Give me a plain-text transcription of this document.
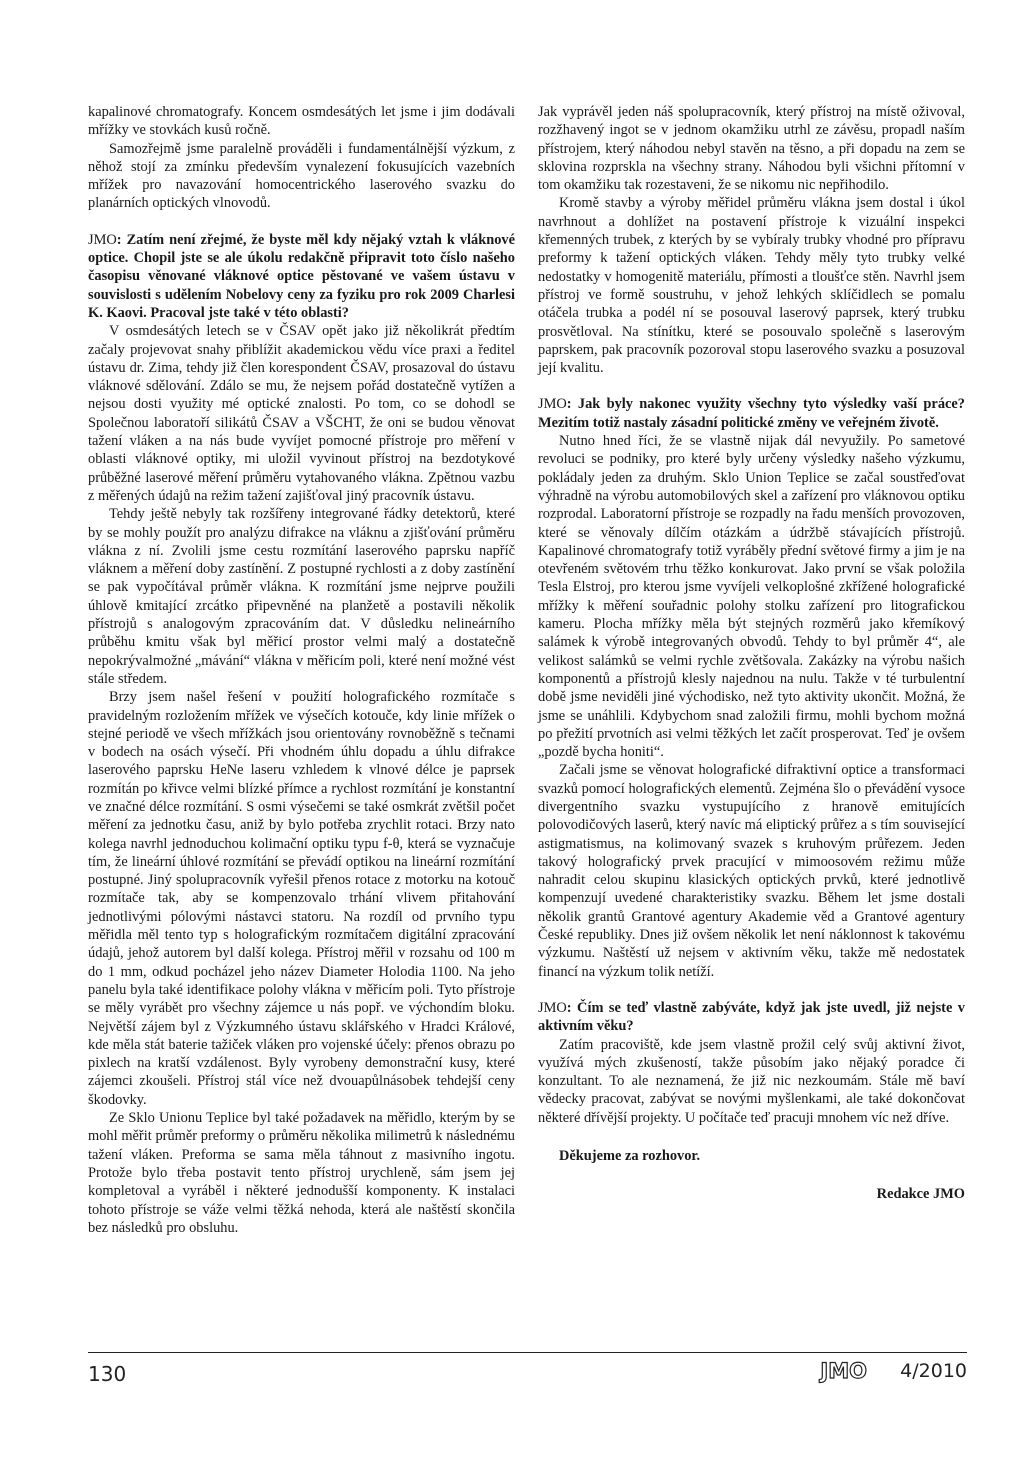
kapalinové chromatografy. Koncem osmdesátých let jsme i jim dodávali mřížky ve stovkách kusů ročně.

Samozřejmě jsme paralelně prováděli i fundamentálnější výzkum, z něhož stojí za zmínku především vynalezení fokusujících vazebních mřížek pro navazování homocentrického laserového svazku do planárních optických vlnovodů.

JMO: Zatím není zřejmé, že byste měl kdy nějaký vztah k vláknové optice. Chopil jste se ale úkolu redakčně připravit toto číslo našeho časopisu věnované vláknové optice pěstované ve vašem ústavu v souvislosti s udělením Nobelovy ceny za fyziku pro rok 2009 Charlesi K. Kaovi. Pracoval jste také v této oblasti?

V osmdesátých letech se v ČSAV opět jako již několikrát předtím začaly projevovat snahy přiblížit akademickou vědu více praxi a ředitel ústavu dr. Zima, tehdy již člen korespondent ČSAV, prosazoval do ústavu vláknové sdělování. Zdálo se mu, že nejsem pořád dostatečně vytížen a nejsou dosti využity mé optické znalosti. Po tom, co se dohodl se Společnou laboratoří silikátů ČSAV a VŠCHT, že oni se budou věnovat tažení vláken a na nás bude vyvíjet pomocné přístroje pro měření v oblasti vláknové optiky, mi uložil vyvinout přístroj na bezdotykové průběžné laserové měření průměru vytahovaného vlákna. Zpětnou vazbu z měřených údajů na režim tažení zajišťoval jiný pracovník ústavu.

Tehdy ještě nebyly tak rozšířeny integrované řádky detektorů, které by se mohly použít pro analýzu difrakce na vláknu a zjišťování průměru vlákna z ní. Zvolili jsme cestu rozmítání laserového paprsku napříč vláknem a měření doby zastínění. Z postupné rychlosti a z doby zastínění se pak vypočítával průměr vlákna. K rozmítání jsme nejprve použili úhlově kmitající zrcátko připevněné na planžetě a postavili několik přístrojů s analogovým zpracováním dat. V důsledku nelineárního průběhu kmitu však byl měřicí prostor velmi malý a dostatečně nepokrývalmožné „mávání“ vlákna v měřicím poli, které není možné vést stále středem.

Brzy jsem našel řešení v použití holografického rozmítače s pravidelným rozložením mřížek ve výsečích kotouče, kdy linie mřížek o stejné periodě ve všech mřížkách jsou orientovány rovnoběžně s tečnami v bodech na osách výsečí. Při vhodném úhlu dopadu a úhlu difrakce laserového paprsku HeNe laseru vzhledem k vlnové délce je paprsek rozmítán po křivce velmi blízké přímce a rychlost rozmítání je konstantní ve značné délce rozmítání. S osmi výsečemi se také osmkrát zvětšil počet měření za jednotku času, aniž by bylo potřeba zrychlit rotaci. Brzy nato kolega navrhl jednoduchou kolimační optiku typu f-θ, která se vyznačuje tím, že lineární úhlové rozmítání se převádí optikou na lineární rozmítání postupné. Jiný spolupracovník vyřešil přenos rotace z motorku na kotouč rozmítače tak, aby se kompenzovalo trhání vlivem přitahování jednotlivými pólovými nástavci statoru. Na rozdíl od prvního typu měřidla měl tento typ s holografickým rozmítačem digitální zpracování údajů, jehož autorem byl další kolega. Přístroj měřil v rozsahu od 100 m do 1 mm, odkud pocházel jeho název Diameter Holodia 1100. Na jeho panelu byla také identifikace polohy vlákna v měřicím poli. Tyto přístroje se měly vyrábět pro všechny zájemce u nás popř. ve výchondím bloku. Největší zájem byl z Výzkumného ústavu sklářského v Hradci Králové, kde měla stát baterie tažiček vláken pro vojenské účely: přenos obrazu po pixlech na kratší vzdálenost. Byly vyrobeny demonstrační kusy, které zájemci zkoušeli. Přístroj stál více než dvouapůlnásobek tehdejší ceny škodovky.

Ze Sklo Unionu Teplice byl také požadavek na měřidlo, kterým by se mohl měřit průměr preformy o průměru několika milimetrů k následnému tažení vláken. Preforma se sama měla táhnout z masivního ingotu. Protože bylo třeba postavit tento přístroj urychleně, sám jsem jej kompletoval a vyráběl i některé jednodušší komponenty. K instalaci tohoto přístroje se váže velmi těžká nehoda, která ale naštěstí skončila bez následků pro obsluhu.

Jak vyprávěl jeden náš spolupracovník, který přístroj na místě oživoval, rozžhavený ingot se v jednom okamžiku utrhl ze závěsu, propadl naším přístrojem, který náhodou nebyl stavěn na těsno, a při dopadu na zem se sklovina rozprskla na všechny strany. Náhodou byli všichni přítomní v tom okamžiku tak rozestaveni, že se nikomu nic nepřihodilo.

Kromě stavby a výroby měřidel průměru vlákna jsem dostal i úkol navrhnout a dohlížet na postavení přístroje k vizuální inspekci křemenných trubek, z kterých by se vybíraly trubky vhodné pro přípravu preformy k tažení optických vláken. Tehdy měly tyto trubky velké nedostatky v homogenitě materiálu, přímosti a tloušťce stěn. Navrhl jsem přístroj ve formě soustruhu, v jehož lehkých sklíčidlech se pomalu otáčela trubka a podél ní se posouval laserový paprsek, který trubku prosvětloval. Na stínítku, které se posouvalo společně s laserovým paprskem, pak pracovník pozoroval stopu laserového svazku a posuzoval její kvalitu.

JMO: Jak byly nakonec využity všechny tyto výsledky vaší práce? Mezitím totiž nastaly zásadní politické změny ve veřejném životě.

Nutno hned říci, že se vlastně nijak dál nevyužily. Po sametové revoluci se podniky, pro které byly určeny výsledky našeho výzkumu, pokládaly jeden za druhým. Sklo Union Teplice se začal soustřeďovat výhradně na výrobu automobilových skel a zařízení pro vláknovou optiku rozprodal. Laboratorní přístroje se rozpadly na řadu menších provozoven, které se věnovaly dílčím otázkám a údržbě stávajících přístrojů. Kapalinové chromatografy totiž vyráběly přední světové firmy a jim je na otevřeném světovém trhu těžko konkurovat. Jako první se však položila Tesla Elstroj, pro kterou jsme vyvíjeli velkoplošné zkřížené holografické mřížky k měření souřadnic polohy stolku zařízení pro litografickou kameru. Plocha mřížky měla být stejných rozměrů jako křemíkový salámek k výrobě integrovaných obvodů. Tehdy to byl průměr 4“, ale velikost salámků se velmi rychle zvětšovala. Zakázky na výrobu našich komponentů a přístrojů klesly najednou na nulu. Takže v té turbulentní době jsme neviděli jiné východisko, než tyto aktivity ukončit. Možná, že jsme se unáhlili. Kdybychom snad založili firmu, mohli bychom možná po přežití prvotních asi velmi těžkých let začít prosperovat. Teď je ovšem „pozdě bycha honiti“.

Začali jsme se věnovat holografické difraktivní optice a transformaci svazků pomocí holografických elementů. Zejména šlo o převádění vysoce divergentního svazku vystupujícího z hranově emitujících polovodičových laserů, který navíc má eliptický průřez a s tím související astigmatismus, na kolimovaný svazek s kruhovým průřezem. Jeden takový holografický prvek pracující v mimoosovém režimu může nahradit celou skupinu klasických optických prvků, které jednotlivě kompenzují uvedené charakteristiky svazku. Během let jsme dostali několik grantů Grantové agentury Akademie věd a Grantové agentury České republiky. Dnes již ovšem několik let není náklonnost k takovému výzkumu. Naštěstí už nejsem v aktivním věku, takže mě nedostatek financí na výzkum tolik netíží.

JMO: Čím se teď vlastně zabýváte, když jak jste uvedl, již nejste v aktivním věku?

Zatím pracoviště, kde jsem vlastně prožil celý svůj aktivní život, využívá mých zkušeností, takže působím jako nějaký poradce či konzultant. To ale neznamená, že již nic nezkoumám. Stále mě baví vědecky pracovat, zabývat se novými myšlenkami, ale také dokončovat některé dřívější projekty. U počítače teď pracuji mnohem víc než dříve.

Děkujeme za rozhovor.

Redakce JMO

130	JMO 4/2010
